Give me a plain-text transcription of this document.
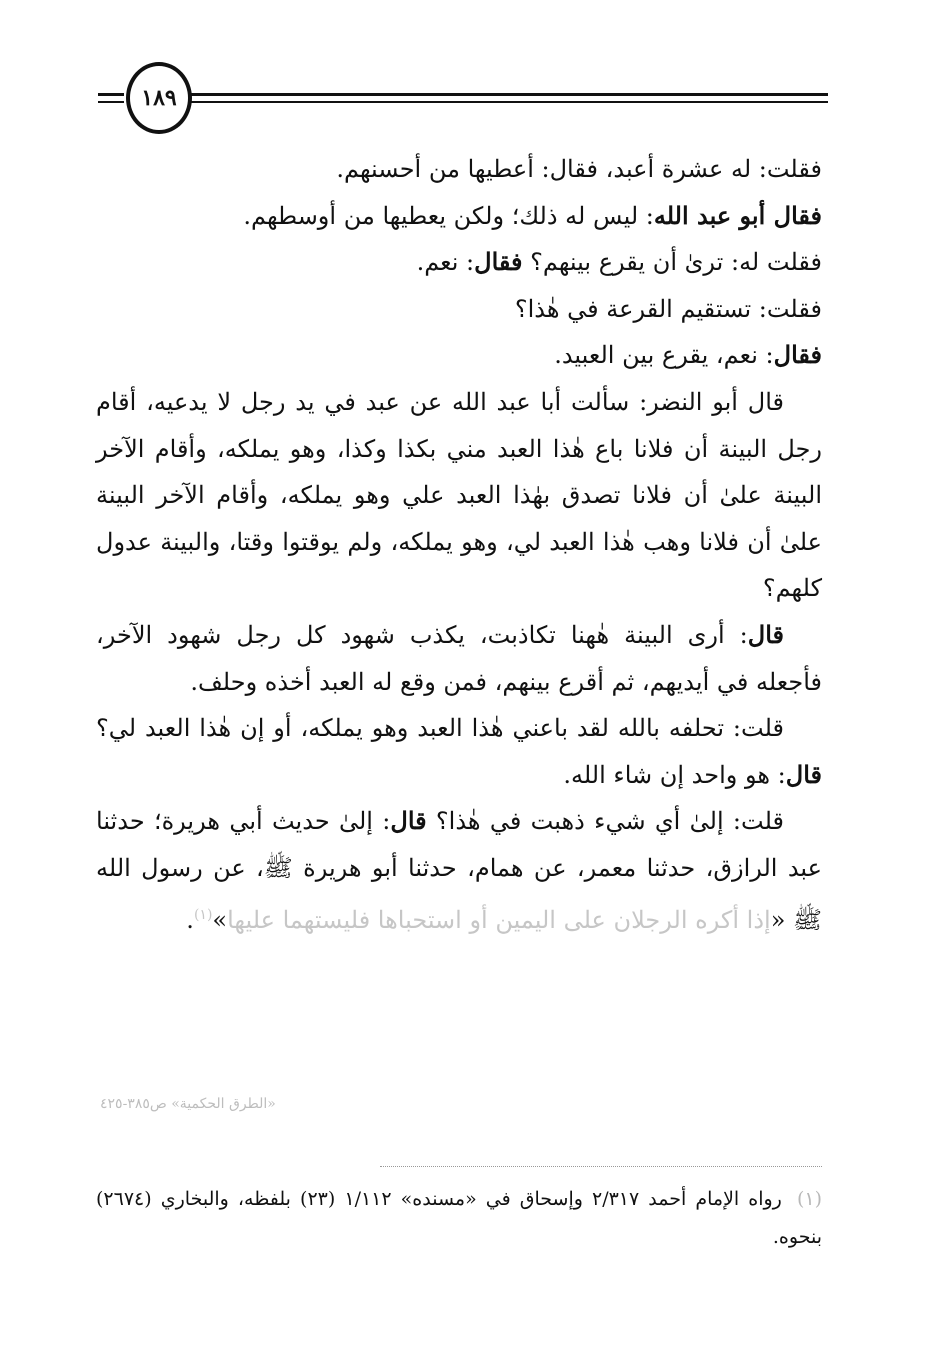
١٨٩

فقلت: له عشرة أعبد، فقال: أعطيها من أحسنهم.

فقال أبو عبد الله: ليس له ذلك؛ ولكن يعطيها من أوسطهم.

فقلت له: ترىٰ أن يقرع بينهم؟ فقال: نعم.

فقلت: تستقيم القرعة في هٰذا؟

فقال: نعم، يقرع بين العبيد.

قال أبو النضر: سألت أبا عبد الله عن عبد في يد رجل لا يدعيه، أقام رجل البينة أن فلانا باع هٰذا العبد مني بكذا وكذا، وهو يملكه، وأقام الآخر البينة علىٰ أن فلانا تصدق بهٰذا العبد علي وهو يملكه، وأقام الآخر البينة علىٰ أن فلانا وهب هٰذا العبد لي، وهو يملكه، ولم يوقتوا وقتا، والبينة عدول كلهم؟

قال: أرى البينة هٰهنا تكاذبت، يكذب شهود كل رجل شهود الآخر، فأجعله في أيديهم، ثم أقرع بينهم، فمن وقع له العبد أخذه وحلف.

قلت: تحلفه بالله لقد باعني هٰذا العبد وهو يملكه، أو إن هٰذا العبد لي؟ قال: هو واحد إن شاء الله.

قلت: إلىٰ أي شيء ذهبت في هٰذا؟ قال: إلىٰ حديث أبي هريرة؛ حدثنا عبد الرازق، حدثنا معمر، عن همام، حدثنا أبو هريرة ﷺ، عن رسول الله ﷺ «إذا أكره الرجلان على اليمين أو استحباها فليستهما عليها»$^{(١)}$.

«الطرق الحكمية» ص٣٨٥-٤٢٥
(١) رواه الإمام أحمد ٢/٣١٧ وإسحاق في «مسنده» ١/١١٢ (٢٣) بلفظه، والبخاري (٢٦٧٤) بنحوه.
